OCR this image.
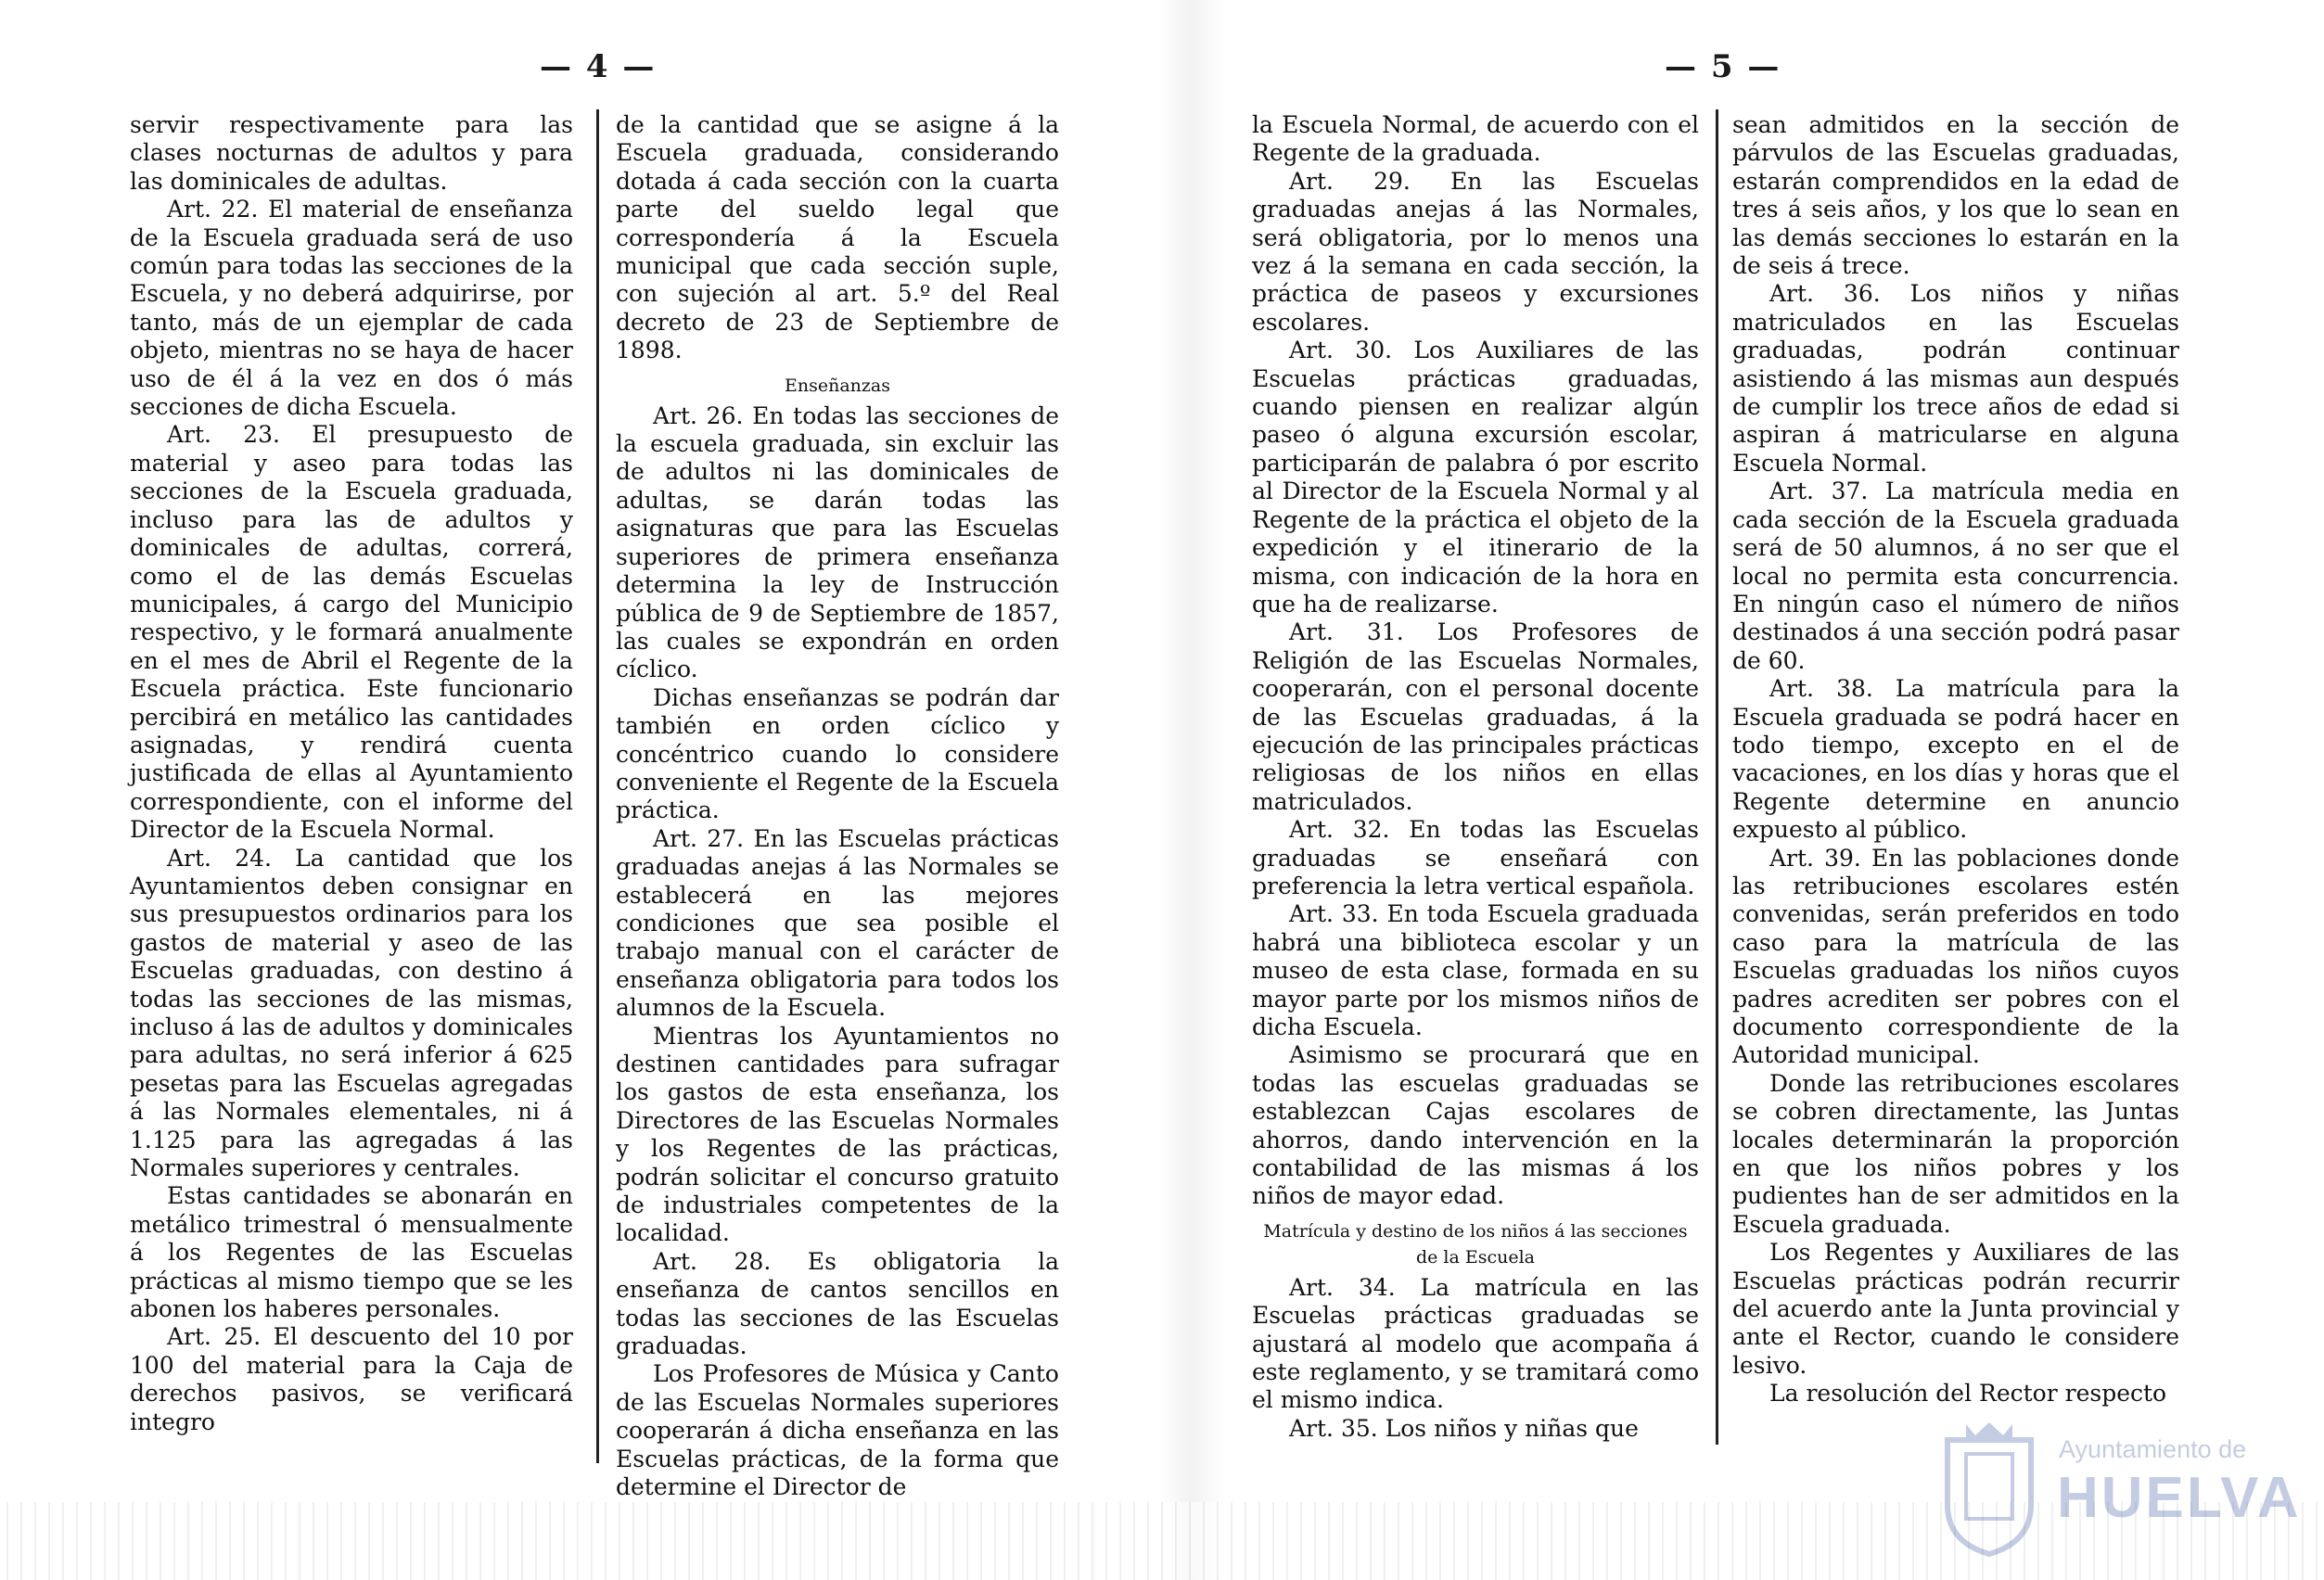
— 4 —	— 5 —

servir respectivamente para las clases nocturnas de adultos y para las dominicales de adultas.

Art. 22. El material de enseñanza de la Escuela graduada será de uso común para todas las secciones de la Escuela, y no deberá adquirirse, por tanto, más de un ejemplar de cada objeto, mientras no se haya de hacer uso de él á la vez en dos ó más secciones de dicha Escuela.

Art. 23. El presupuesto de material y aseo para todas las secciones de la Escuela graduada, incluso para las de adultos y dominicales de adultas, correrá, como el de las demás Escuelas municipales, á cargo del Municipio respectivo, y le formará anualmente en el mes de Abril el Regente de la Escuela práctica. Este funcionario percibirá en metálico las cantidades asignadas, y rendirá cuenta justificada de ellas al Ayuntamiento correspondiente, con el informe del Director de la Escuela Normal.

Art. 24. La cantidad que los Ayuntamientos deben consignar en sus presupuestos ordinarios para los gastos de material y aseo de las Escuelas graduadas, con destino á todas las secciones de las mismas, incluso á las de adultos y dominicales para adultas, no será inferior á 625 pesetas para las Escuelas agregadas á las Normales elementales, ni á 1.125 para las agregadas á las Normales superiores y centrales.

Estas cantidades se abonarán en metálico trimestral ó mensualmente á los Regentes de las Escuelas prácticas al mismo tiempo que se les abonen los haberes personales.

Art. 25. El descuento del 10 por 100 del material para la Caja de derechos pasivos, se verificará integro

de la cantidad que se asigne á la Escuela graduada, considerando dotada á cada sección con la cuarta parte del sueldo legal que correspondería á la Escuela municipal que cada sección suple, con sujeción al art. 5.º del Real decreto de 23 de Septiembre de 1898.

Enseñanzas

Art. 26. En todas las secciones de la escuela graduada, sin excluir las de adultos ni las dominicales de adultas, se darán todas las asignaturas que para las Escuelas superiores de primera enseñanza determina la ley de Instrucción pública de 9 de Septiembre de 1857, las cuales se expondrán en orden cíclico.

Dichas enseñanzas se podrán dar también en orden cíclico y concéntrico cuando lo considere conveniente el Regente de la Escuela práctica.

Art. 27. En las Escuelas prácticas graduadas anejas á las Normales se establecerá en las mejores condiciones que sea posible el trabajo manual con el carácter de enseñanza obligatoria para todos los alumnos de la Escuela.

Mientras los Ayuntamientos no destinen cantidades para sufragar los gastos de esta enseñanza, los Directores de las Escuelas Normales y los Regentes de las prácticas, podrán solicitar el concurso gratuito de industriales competentes de la localidad.

Art. 28. Es obligatoria la enseñanza de cantos sencillos en todas las secciones de las Escuelas graduadas.

Los Profesores de Música y Canto de las Escuelas Normales superiores cooperarán á dicha enseñanza en las Escuelas prácticas, de la forma que determine el Director de

la Escuela Normal, de acuerdo con el Regente de la graduada.

Art. 29. En las Escuelas graduadas anejas á las Normales, será obligatoria, por lo menos una vez á la semana en cada sección, la práctica de paseos y excursiones escolares.

Art. 30. Los Auxiliares de las Escuelas prácticas graduadas, cuando piensen en realizar algún paseo ó alguna excursión escolar, participarán de palabra ó por escrito al Director de la Escuela Normal y al Regente de la práctica el objeto de la expedición y el itinerario de la misma, con indicación de la hora en que ha de realizarse.

Art. 31. Los Profesores de Religión de las Escuelas Normales, cooperarán, con el personal docente de las Escuelas graduadas, á la ejecución de las principales prácticas religiosas de los niños en ellas matriculados.

Art. 32. En todas las Escuelas graduadas se enseñará con preferencia la letra vertical española.

Art. 33. En toda Escuela graduada habrá una biblioteca escolar y un museo de esta clase, formada en su mayor parte por los mismos niños de dicha Escuela.

Asimismo se procurará que en todas las escuelas graduadas se establezcan Cajas escolares de ahorros, dando intervención en la contabilidad de las mismas á los niños de mayor edad.

Matrícula y destino de los niños á las secciones de la Escuela

Art. 34. La matrícula en las Escuelas prácticas graduadas se ajustará al modelo que acompaña á este reglamento, y se tramitará como el mismo indica.

Art. 35. Los niños y niñas que

sean admitidos en la sección de párvulos de las Escuelas graduadas, estarán comprendidos en la edad de tres á seis años, y los que lo sean en las demás secciones lo estarán en la de seis á trece.

Art. 36. Los niños y niñas matriculados en las Escuelas graduadas, podrán continuar asistiendo á las mismas aun después de cumplir los trece años de edad si aspiran á matricularse en alguna Escuela Normal.

Art. 37. La matrícula media en cada sección de la Escuela graduada será de 50 alumnos, á no ser que el local no permita esta concurrencia. En ningún caso el número de niños destinados á una sección podrá pasar de 60.

Art. 38. La matrícula para la Escuela graduada se podrá hacer en todo tiempo, excepto en el de vacaciones, en los días y horas que el Regente determine en anuncio expuesto al público.

Art. 39. En las poblaciones donde las retribuciones escolares estén convenidas, serán preferidos en todo caso para la matrícula de las Escuelas graduadas los niños cuyos padres acrediten ser pobres con el documento correspondiente de la Autoridad municipal.

Donde las retribuciones escolares se cobren directamente, las Juntas locales determinarán la proporción en que los niños pobres y los pudientes han de ser admitidos en la Escuela graduada.

Los Regentes y Auxiliares de las Escuelas prácticas podrán recurrir del acuerdo ante la Junta provincial y ante el Rector, cuando le considere lesivo.

La resolución del Rector respecto

Ayuntamiento de
HUELVA
